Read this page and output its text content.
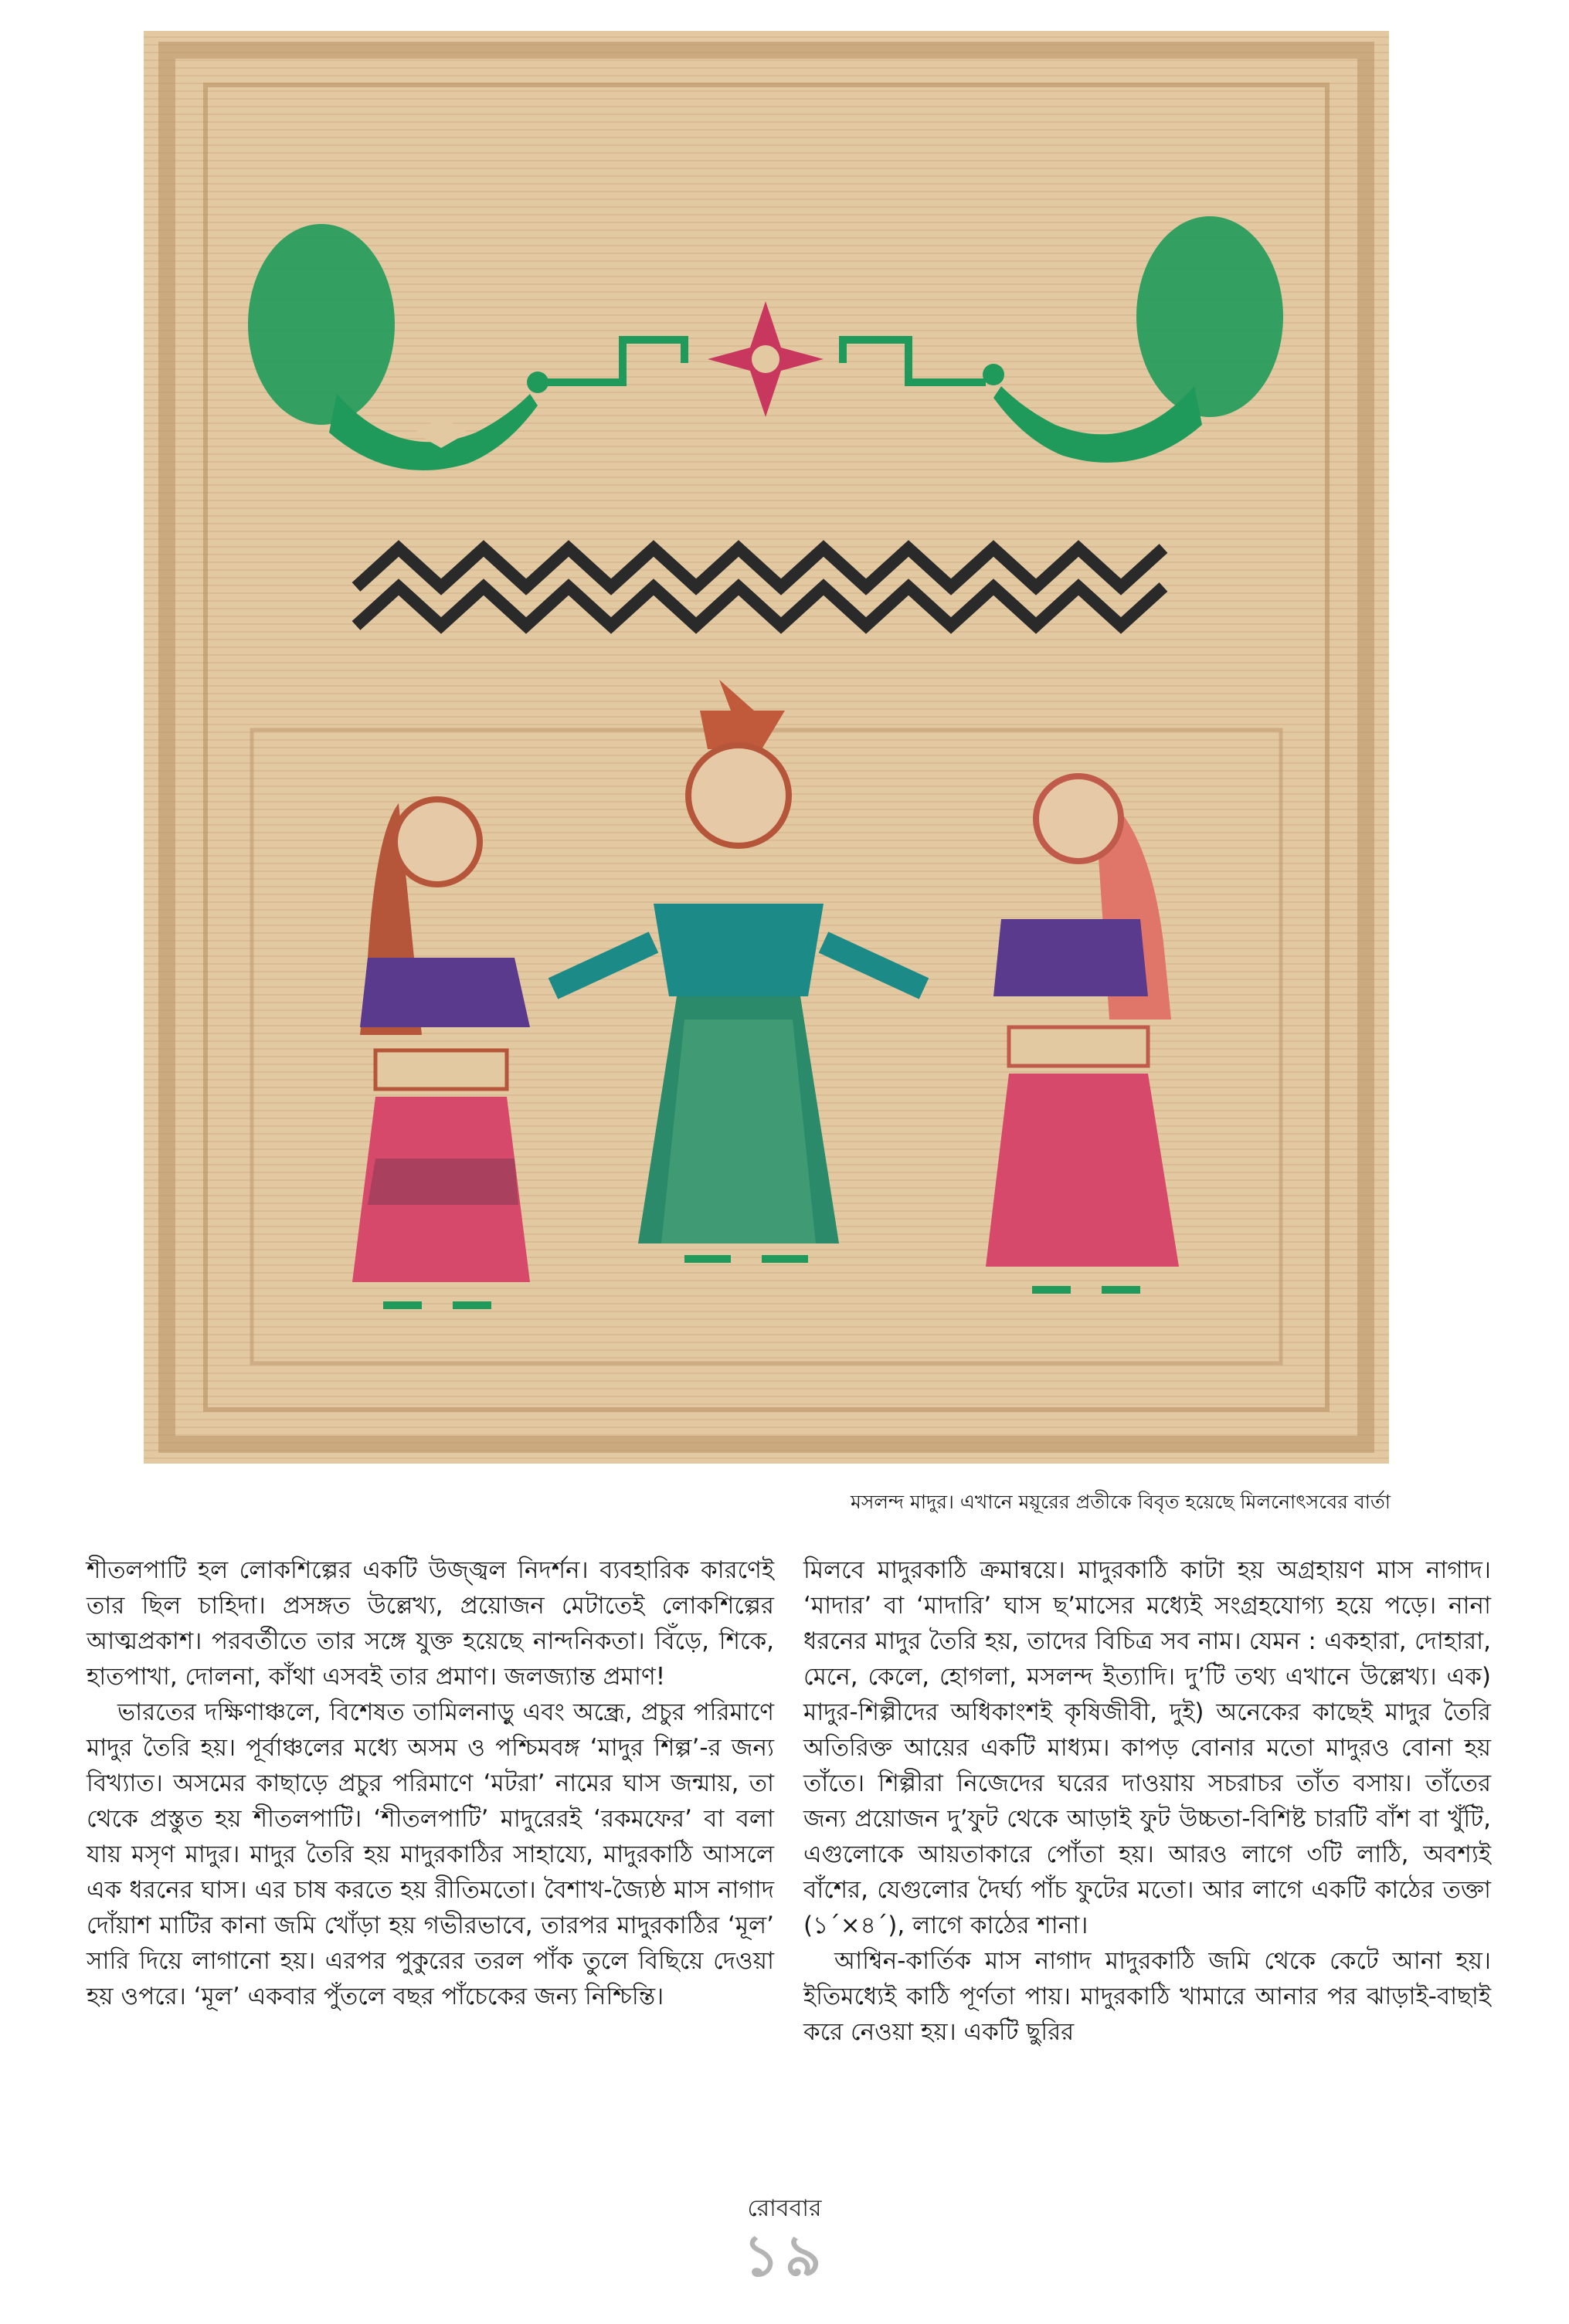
মসলন্দ মাদুর। এখানে ময়ূরের প্রতীকে বিবৃত হয়েছে মিলনোৎসবের বার্তা

শীতলপাটি হল লোকশিল্পের একটি উজ্জ্বল নিদর্শন। ব্যবহারিক কারণেই তার ছিল চাহিদা। প্রসঙ্গত উল্লেখ্য, প্রয়োজন মেটাতেই লোকশিল্পের আত্মপ্রকাশ। পরবর্তীতে তার সঙ্গে যুক্ত হয়েছে নান্দনিকতা। বিঁড়ে, শিকে, হাতপাখা, দোলনা, কাঁথা এসবই তার প্রমাণ। জলজ্যান্ত প্রমাণ!

ভারতের দক্ষিণাঞ্চলে, বিশেষত তামিলনাড়ু এবং অন্ধ্রে, প্রচুর পরিমাণে মাদুর তৈরি হয়। পূর্বাঞ্চলের মধ্যে অসম ও পশ্চিমবঙ্গ ‘মাদুর শিল্প’-র জন্য বিখ্যাত। অসমের কাছাড়ে প্রচুর পরিমাণে ‘মটরা’ নামের ঘাস জন্মায়, তা থেকে প্রস্তুত হয় শীতলপাটি। ‘শীতলপাটি’ মাদুরেরই ‘রকমফের’ বা বলা যায় মসৃণ মাদুর। মাদুর তৈরি হয় মাদুরকাঠির সাহায্যে, মাদুরকাঠি আসলে এক ধরনের ঘাস। এর চাষ করতে হয় রীতিমতো। বৈশাখ-জ্যৈষ্ঠ মাস নাগাদ দোঁয়াশ মাটির কানা জমি খোঁড়া হয় গভীরভাবে, তারপর মাদুরকাঠির ‘মূল’ সারি দিয়ে লাগানো হয়। এরপর পুকুরের তরল পাঁক তুলে বিছিয়ে দেওয়া হয় ওপরে। ‘মূল’ একবার পুঁতলে বছর পাঁচেকের জন্য নিশ্চিন্তি।

মিলবে মাদুরকাঠি ক্রমান্বয়ে। মাদুরকাঠি কাটা হয় অগ্রহায়ণ মাস নাগাদ। ‘মাদার’ বা ‘মাদারি’ ঘাস ছ’মাসের মধ্যেই সংগ্রহযোগ্য হয়ে পড়ে। নানা ধরনের মাদুর তৈরি হয়, তাদের বিচিত্র সব নাম। যেমন : একহারা, দোহারা, মেনে, কেলে, হোগলা, মসলন্দ ইত্যাদি। দু’টি তথ্য এখানে উল্লেখ্য। এক) মাদুর-শিল্পীদের অধিকাংশই কৃষিজীবী, দুই) অনেকের কাছেই মাদুর তৈরি অতিরিক্ত আয়ের একটি মাধ্যম। কাপড় বোনার মতো মাদুরও বোনা হয় তাঁতে। শিল্পীরা নিজেদের ঘরের দাওয়ায় সচরাচর তাঁত বসায়। তাঁতের জন্য প্রয়োজন দু’ফুট থেকে আড়াই ফুট উচ্চতা-বিশিষ্ট চারটি বাঁশ বা খুঁটি, এগুলোকে আয়তাকারে পোঁতা হয়। আরও লাগে ৩টি লাঠি, অবশ্যই বাঁশের, যেগুলোর দৈর্ঘ্য পাঁচ ফুটের মতো। আর লাগে একটি কাঠের তক্তা (১´×৪´), লাগে কাঠের শানা।

আশ্বিন-কার্তিক মাস নাগাদ মাদুরকাঠি জমি থেকে কেটে আনা হয়। ইতিমধ্যেই কাঠি পূর্ণতা পায়। মাদুরকাঠি খামারে আনার পর ঝাড়াই-বাছাই করে নেওয়া হয়। একটি ছুরির

রোববার
১৯
